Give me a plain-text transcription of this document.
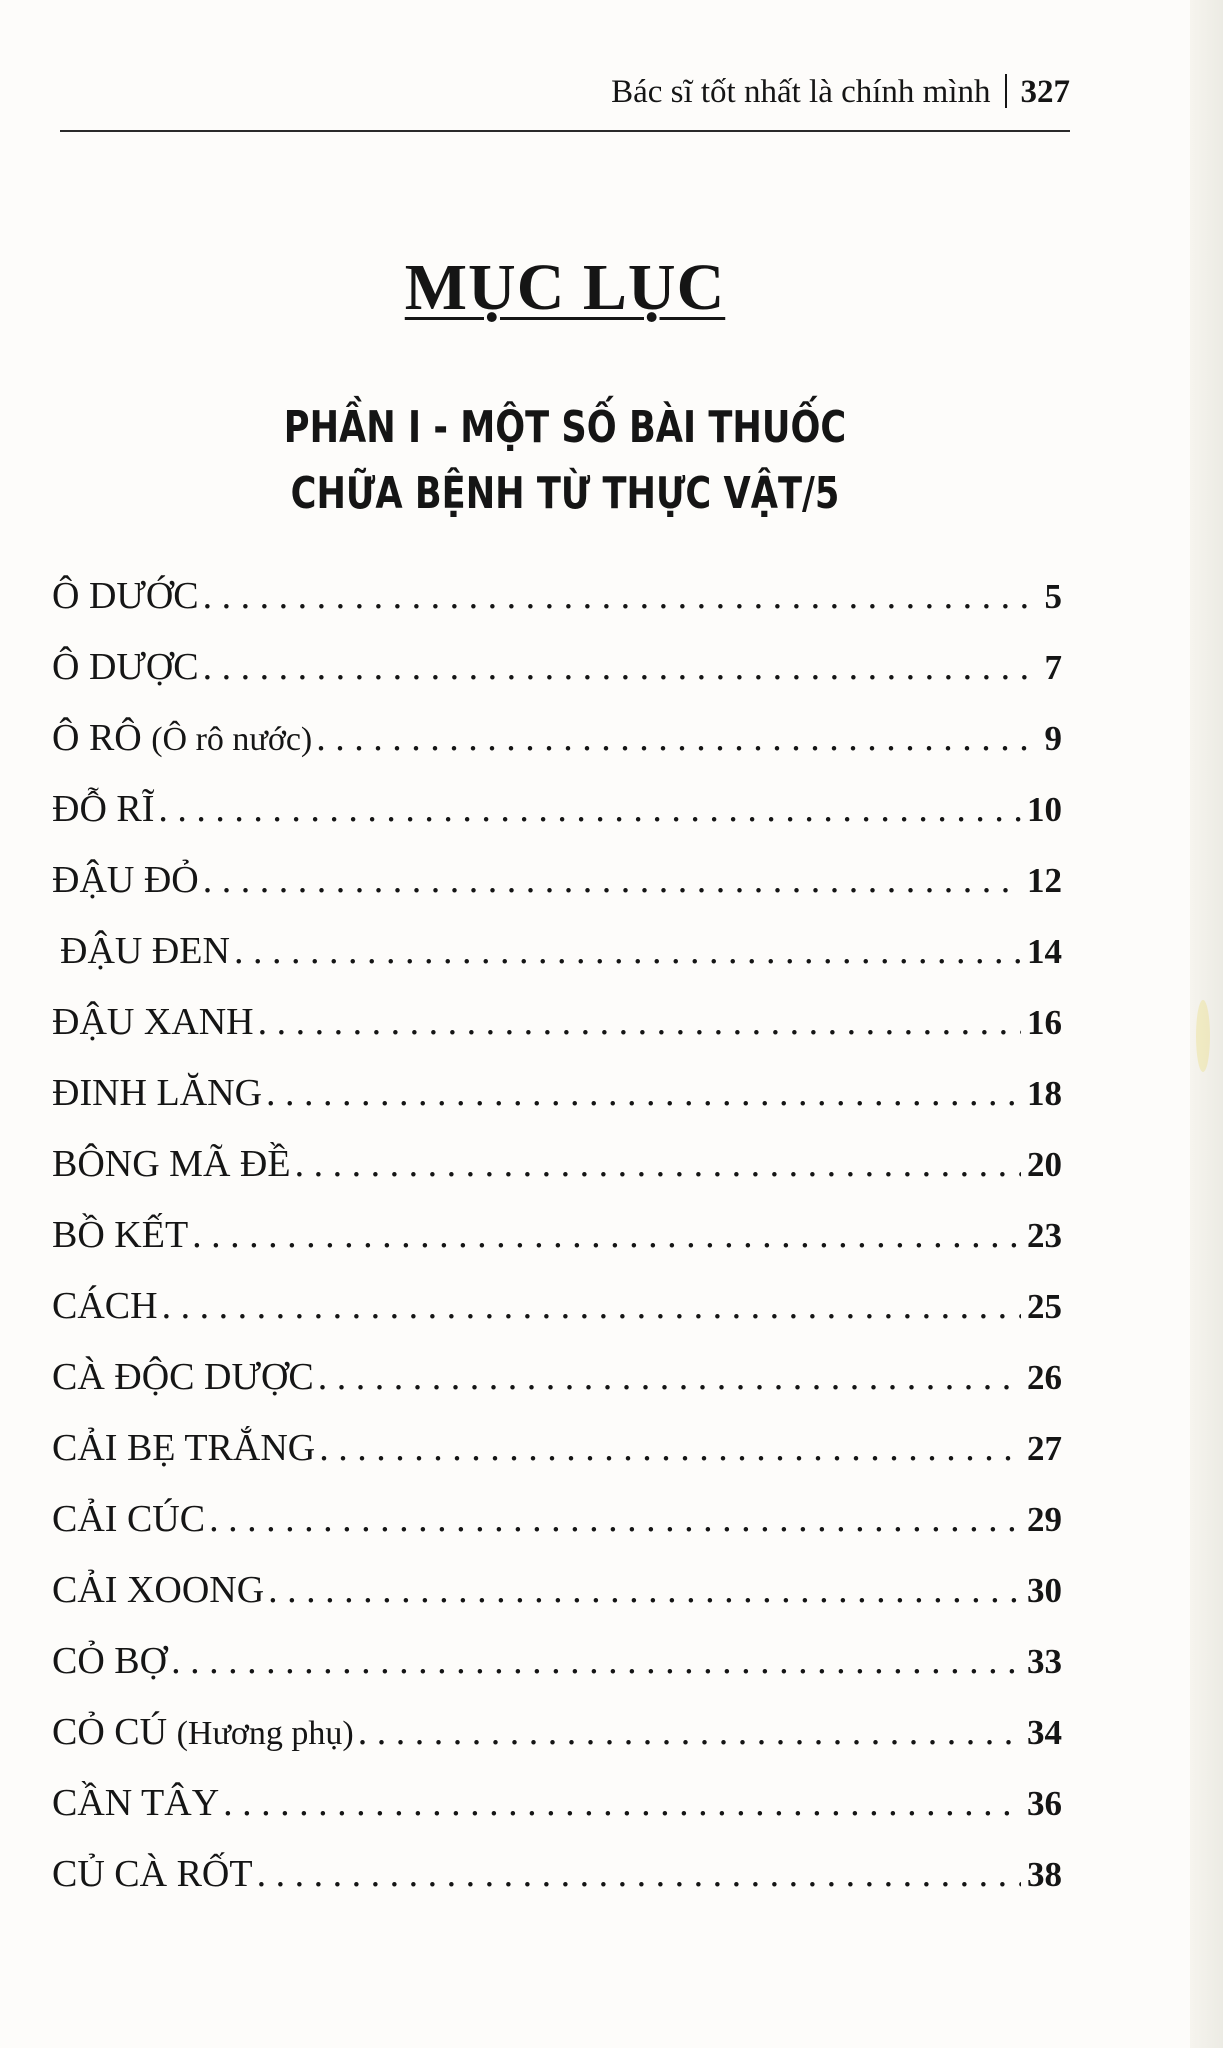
Bác sĩ tốt nhất là chính mình 327
MỤC LỤC
PHẦN I - MỘT SỐ BÀI THUỐC
CHỮA BỆNH TỪ THỰC VẬT/5
Ô DƯỚC . . .	5
Ô DƯỢC . . .	7
Ô RÔ (Ô rô nước) . . .	9
ĐỖ RĨ . . .	10
ĐẬU ĐỎ . . .	12
ĐẬU ĐEN . . .	14
ĐẬU XANH . . .	16
ĐINH LĂNG . . .	18
BÔNG MÃ ĐỀ . . .	20
BỒ KẾT . . .	23
CÁCH . . .	25
CÀ ĐỘC DƯỢC . . .	26
CẢI BẸ TRẮNG . . .	27
CẢI CÚC . . .	29
CẢI XOONG . . .	30
CỎ BỢ . . .	33
CỎ CÚ (Hương phụ) . . .	34
CẦN TÂY . . .	36
CỦ CÀ RỐT . . .	38
